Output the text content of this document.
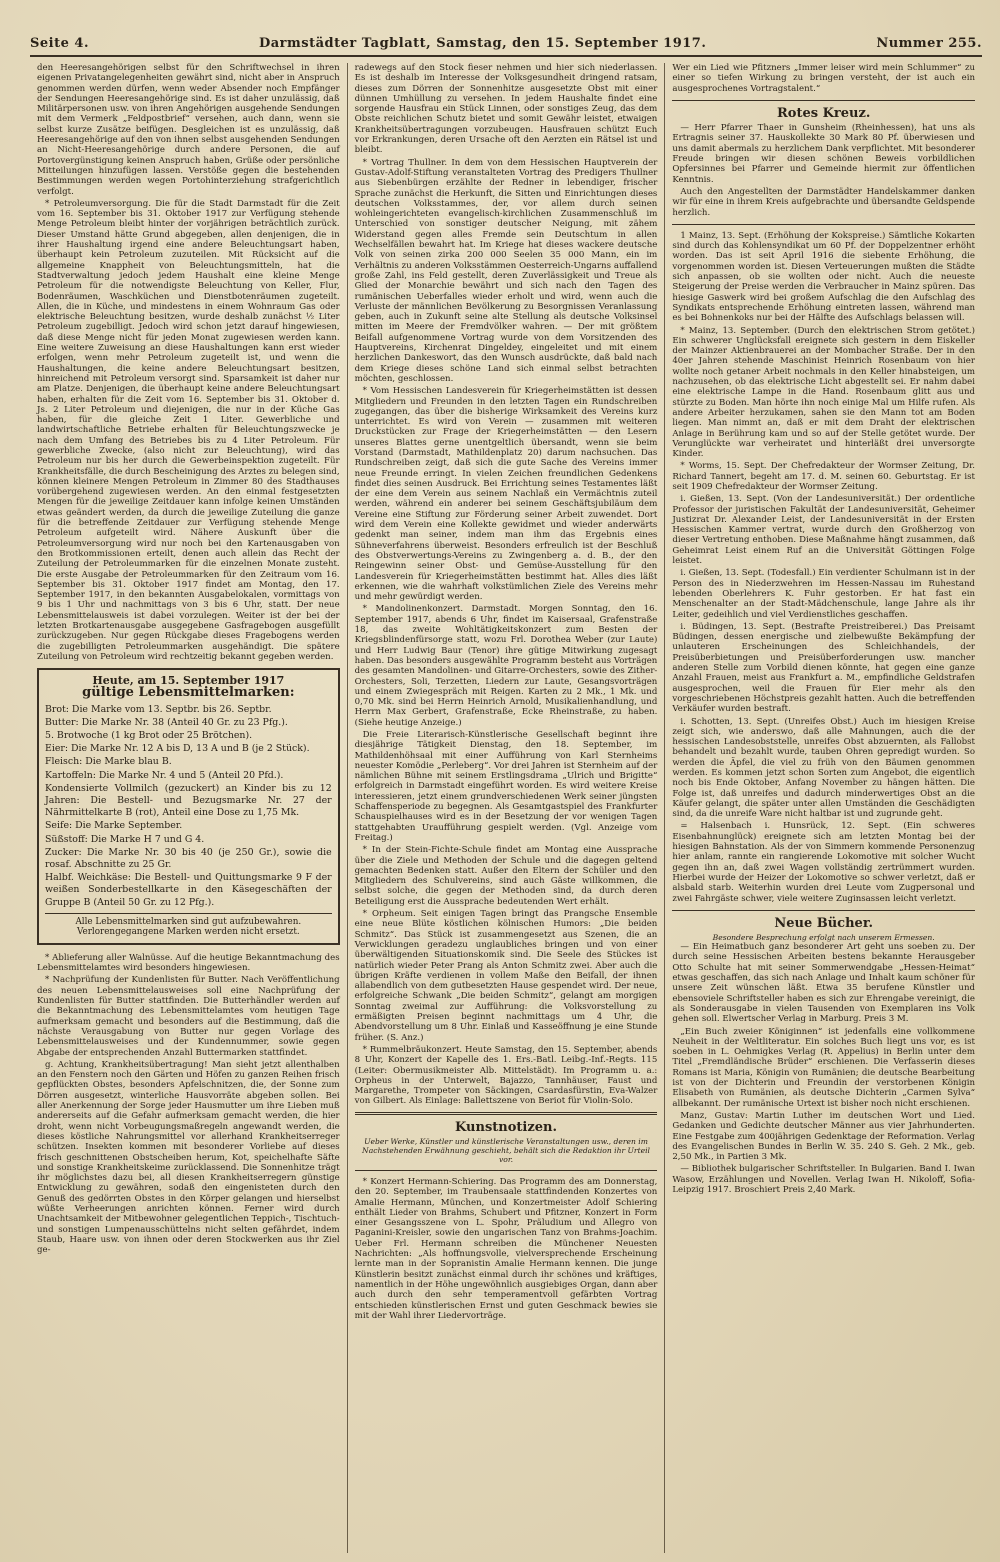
Seite 4.	Darmstädter Tagblatt, Samstag, den 15. September 1917.	Nummer 255.

den Heeresangehörigen selbst für den Schriftwechsel in ihren eigenen Privatangelegenheiten gewährt sind, nicht aber in Anspruch genommen werden dürfen, wenn weder Absender noch Empfänger der Sendungen Heeresangehörige sind. Es ist daher unzulässig, daß Militärpersonen usw. von ihren Angehörigen ausgehende Sendungen mit dem Vermerk „Feldpostbrief“ versehen, auch dann, wenn sie selbst kurze Zusätze beifügen. Desgleichen ist es unzulässig, daß Heeresangehörige auf den von ihnen selbst ausgehenden Sendungen an Nicht-Heeresangehörige durch andere Personen, die auf Portovergünstigung keinen Anspruch haben, Grüße oder persönliche Mitteilungen hinzufügen lassen. Verstöße gegen die bestehenden Bestimmungen werden wegen Portohinterziehung strafgerichtlich verfolgt.

* Petroleumversorgung. Die für die Stadt Darmstadt für die Zeit vom 16. September bis 31. Oktober 1917 zur Verfügung stehende Menge Petroleum bleibt hinter der vorjährigen beträchtlich zurück. Dieser Umstand hätte Grund abgegeben, allen denjenigen, die in ihrer Haushaltung irgend eine andere Beleuchtungsart haben, überhaupt kein Petroleum zuzuteilen. Mit Rücksicht auf die allgemeine Knappheit von Beleuchtungsmitteln, hat die Stadtverwaltung jedoch jedem Haushalt eine kleine Menge Petroleum für die notwendigste Beleuchtung von Keller, Flur, Bodenräumen, Waschküchen und Dienstbotenräumen zugeteilt. Allen, die in Küche, und mindestens in einem Wohnraum Gas oder elektrische Beleuchtung besitzen, wurde deshalb zunächst ½ Liter Petroleum zugebilligt. Jedoch wird schon jetzt darauf hingewiesen, daß diese Menge nicht für jeden Monat zugewiesen werden kann. Eine weitere Zuweisung an diese Haushaltungen kann erst wieder erfolgen, wenn mehr Petroleum zugeteilt ist, und wenn die Haushaltungen, die keine andere Beleuchtungsart besitzen, hinreichend mit Petroleum versorgt sind. Sparsamkeit ist daher nur am Platze. Denjenigen, die überhaupt keine andere Beleuchtungsart haben, erhalten für die Zeit vom 16. September bis 31. Oktober d. Js. 2 Liter Petroleum und diejenigen, die nur in der Küche Gas haben, für die gleiche Zeit 1 Liter. Gewerbliche und landwirtschaftliche Betriebe erhalten für Beleuchtungszwecke je nach dem Umfang des Betriebes bis zu 4 Liter Petroleum. Für gewerbliche Zwecke, (also nicht zur Beleuchtung), wird das Petroleum nur bis her durch die Gewerbeinspektion zugeteilt. Für Krankheitsfälle, die durch Bescheinigung des Arztes zu belegen sind, können kleinere Mengen Petroleum in Zimmer 80 des Stadthauses vorübergehend zugewiesen werden. An den einmal festgesetzten Mengen für die jeweilige Zeitdauer kann infolge keinen Umständen etwas geändert werden, da durch die jeweilige Zuteilung die ganze für die betreffende Zeitdauer zur Verfügung stehende Menge Petroleum aufgeteilt wird. Nähere Auskunft über die Petroleumversorgung wird nur noch bei den Kartenausgaben von den Brotkommissionen erteilt, denen auch allein das Recht der Zuteilung der Petroleummarken für die einzelnen Monate zusteht. Die erste Ausgabe der Petroleummarken für den Zeitraum vom 16. September bis 31. Oktober 1917 findet am Montag, den 17. September 1917, in den bekannten Ausgabelokalen, vormittags von 9 bis 1 Uhr und nachmittags von 3 bis 6 Uhr, statt. Der neue Lebensmittelausweis ist dabei vorzulegen. Weiter ist der bei der letzten Brotkartenausgabe ausgegebene Gasfragebogen ausgefüllt zurückzugeben. Nur gegen Rückgabe dieses Fragebogens werden die zugebilligten Petroleummarken ausgehändigt. Die spätere Zuteilung von Petroleum wird rechtzeitig bekannt gegeben werden.

Heute, am 15. September 1917
gültige Lebensmittelmarken:
Brot: Die Marke vom 13. Septbr. bis 26. Septbr.
Butter: Die Marke Nr. 38 (Anteil 40 Gr. zu 23 Pfg.).
5. Brotwoche (1 kg Brot oder 25 Brötchen).
Eier: Die Marke Nr. 12 A bis D, 13 A und B (je 2 Stück).
Fleisch: Die Marke blau B.
Kartoffeln: Die Marke Nr. 4 und 5 (Anteil 20 Pfd.).
Kondensierte Vollmilch (gezuckert) an Kinder bis zu 12 Jahren: Die Bestell- und Bezugsmarke Nr. 27 der Nährmittelkarte B (rot), Anteil eine Dose zu 1,75 Mk.
Seife: Die Marke September.
Süßstoff: Die Marke H 7 und G 4.
Zucker: Die Marke Nr. 30 bis 40 (je 250 Gr.), sowie die rosaf. Abschnitte zu 25 Gr.
Halbf. Weichkäse: Die Bestell- und Quittungsmarke 9 F der weißen Sonderbestellkarte in den Käsegeschäften der Gruppe B (Anteil 50 Gr. zu 12 Pfg.).
Alle Lebensmittelmarken sind gut aufzubewahren. Verlorengegangene Marken werden nicht ersetzt.

* Ablieferung aller Walnüsse. Auf die heutige Bekanntmachung des Lebensmittelamtes wird besonders hingewiesen.

* Nachprüfung der Kundenlisten für Butter. Nach Veröffentlichung des neuen Lebensmittelausweises soll eine Nachprüfung der Kundenlisten für Butter stattfinden. Die Butterhändler werden auf die Bekanntmachung des Lebensmittelamtes vom heutigen Tage aufmerksam gemacht und besonders auf die Bestimmung, daß die nächste Verausgabung von Butter nur gegen Vorlage des Lebensmittelausweises und der Kundennummer, sowie gegen Abgabe der entsprechenden Anzahl Buttermarken stattfindet.

g. Achtung, Krankheitsübertragung! Man sieht jetzt allenthalben an den Fenstern noch den Gärten und Höfen zu ganzen Reihen frisch gepflückten Obstes, besonders Apfelschnitzen, die, der Sonne zum Dörren ausgesetzt, winterliche Hausvorräte abgeben sollen. Bei aller Anerkennung der Sorge jeder Hausmutter um ihre Lieben muß andererseits auf die Gefahr aufmerksam gemacht werden, die hier droht, wenn nicht Vorbeugungsmaßregeln angewandt werden, die dieses köstliche Nahrungsmittel vor allerhand Krankheitserreger schützen. Insekten kommen mit besonderer Vorliebe auf dieses frisch geschnittenen Obstscheiben herum, Kot, speichelhafte Säfte und sonstige Krankheitskeime zurücklassend. Die Sonnenhitze trägt ihr möglichstes dazu bei, all diesen Krankheitserregern günstige Entwicklung zu gewähren, sodaß den eingenisteten durch den Genuß des gedörrten Obstes in den Körper gelangen und hierselbst wüßte Verheerungen anrichten können. Ferner wird durch Unachtsamkeit der Mitbewohner gelegentlichen Teppich-, Tischtuch- und sonstigen Lumpenausschüttelns nicht selten gefährdet, indem Staub, Haare usw. von ihnen oder deren Stockwerken aus ihr Ziel ge-

radewegs auf den Stock fieser nehmen und hier sich niederlassen. Es ist deshalb im Interesse der Volksgesundheit dringend ratsam, dieses zum Dörren der Sonnenhitze ausgesetzte Obst mit einer dünnen Umhüllung zu versehen. In jedem Haushalte findet eine sorgende Hausfrau ein Stück Linnen, oder sonstiges Zeug, das dem Obste reichlichen Schutz bietet und somit Gewähr leistet, etwaigen Krankheitsübertragungen vorzubeugen. Hausfrauen schützt Euch vor Erkrankungen, deren Ursache oft den Aerzten ein Rätsel ist und bleibt.

* Vortrag Thullner. In dem von dem Hessischen Hauptverein der Gustav-Adolf-Stiftung veranstalteten Vortrag des Predigers Thullner aus Siebenbürgen erzählte der Redner in lebendiger, frischer Sprache zunächst die Herkunft, die Sitten und Einrichtungen dieses deutschen Volksstammes, der, vor allem durch seinen wohleingerichteten evangelisch-kirchlichen Zusammenschluß im Unterschied von sonstiger deutscher Neigung, mit zähem Widerstand gegen alles Fremde sein Deutschtum in allen Wechselfällen bewahrt hat. Im Kriege hat dieses wackere deutsche Volk von seinen zirka 200 000 Seelen 35 000 Mann, ein im Verhältnis zu anderen Volksstämmen Oesterreich-Ungarns auffallend große Zahl, ins Feld gestellt, deren Zuverlässigkeit und Treue als Glied der Monarchie bewährt und sich nach den Tagen des rumänischen Ueberfalles wieder erholt und wird, wenn auch die Verluste der männlichen Bevölkerung zu Besorgnissen Veranlassung geben, auch in Zukunft seine alte Stellung als deutsche Volksinsel mitten im Meere der Fremdvölker wahren. — Der mit größtem Beifall aufgenommene Vortrag wurde von dem Vorsitzenden des Hauptvereins, Kirchenrat Dingeldey, eingeleitet und mit einem herzlichen Dankeswort, das den Wunsch ausdrückte, daß bald nach dem Kriege dieses schöne Land sich einmal selbst betrachten möchten, geschlossen.

* Vom Hessischen Landesverein für Kriegerheimstätten ist dessen Mitgliedern und Freunden in den letzten Tagen ein Rundschreiben zugegangen, das über die bisherige Wirksamkeit des Vereins kurz unterrichtet. Es wird von Verein — zusammen mit weiteren Druckstücken zur Frage der Kriegerheimstätten — den Lesern unseres Blattes gerne unentgeltlich übersandt, wenn sie beim Vorstand (Darmstadt, Mathildenplatz 20) darum nachsuchen. Das Rundschreiben zeigt, daß sich die gute Sache des Vereins immer neue Freunde erringt. In vielen Zeichen freundlichen Gedenkens findet dies seinen Ausdruck. Bei Errichtung seines Testamentes läßt der eine dem Verein aus seinem Nachlaß ein Vermächtnis zuteil werden, während ein anderer bei seinem Geschäftsjubiläum dem Vereine eine Stiftung zur Förderung seiner Arbeit zuwendet. Dort wird dem Verein eine Kollekte gewidmet und wieder anderwärts gedenkt man seiner, indem man ihm das Ergebnis eines Sühneverfahrens überweist. Besonders erfreulich ist der Beschluß des Obstverwertungs-Vereins zu Zwingenberg a. d. B., der den Reingewinn seiner Obst- und Gemüse-Ausstellung für den Landesverein für Kriegerheimstätten bestimmt hat. Alles dies läßt erkennen, wie die wahrhaft volkstümlichen Ziele des Vereins mehr und mehr gewürdigt werden.

* Mandolinenkonzert. Darmstadt. Morgen Sonntag, den 16. September 1917, abends 6 Uhr, findet im Kaisersaal, Grafenstraße 18, das zweite Wohltätigkeitskonzert zum Besten der Kriegsblindenfürsorge statt, wozu Frl. Dorothea Weber (zur Laute) und Herr Ludwig Baur (Tenor) ihre gütige Mitwirkung zugesagt haben. Das besonders ausgewählte Programm besteht aus Vorträgen des gesamten Mandolinen- und Gitarre-Orchesters, sowie des Zither-Orchesters, Soli, Terzetten, Liedern zur Laute, Gesangsvorträgen und einem Zwiegespräch mit Reigen. Karten zu 2 Mk., 1 Mk. und 0,70 Mk. sind bei Herrn Heinrich Arnold, Musikalienhandlung, und Herrn Max Gerbert, Grafenstraße, Ecke Rheinstraße, zu haben. (Siehe heutige Anzeige.)

Die Freie Literarisch-Künstlerische Gesellschaft beginnt ihre diesjährige Tätigkeit Dienstag, den 18. September, im Mathildenhöhsaal mit einer Aufführung von Karl Sternheims neuester Komödie „Perleberg“. Vor drei Jahren ist Sternheim auf der nämlichen Bühne mit seinem Erstlingsdrama „Ulrich und Brigitte“ erfolgreich in Darmstadt eingeführt worden. Es wird weitere Kreise interessieren, jetzt einem grundverschiedenen Werk seiner jüngsten Schaffensperiode zu begegnen. Als Gesamtgastspiel des Frankfurter Schauspielhauses wird es in der Besetzung der vor wenigen Tagen stattgehabten Uraufführung gespielt werden. (Vgl. Anzeige vom Freitag.)

* In der Stein-Fichte-Schule findet am Montag eine Aussprache über die Ziele und Methoden der Schule und die dagegen geltend gemachten Bedenken statt. Außer den Eltern der Schüler und den Mitgliedern des Schulvereins, sind auch Gäste willkommen, die selbst solche, die gegen der Methoden sind, da durch deren Beteiligung erst die Aussprache bedeutenden Wert erhält.

* Orpheum. Seit einigen Tagen bringt das Prangsche Ensemble eine neue Blüte köstlichen kölnischen Humors: „Die beiden Schmitz“. Das Stück ist zusammengesetzt aus Szenen, die an Verwicklungen geradezu unglaubliches bringen und von einer überwältigenden Situationskomik sind. Die Seele des Stückes ist natürlich wieder Peter Prang als Anton Schmitz zwei. Aber auch die übrigen Kräfte verdienen in vollem Maße den Beifall, der ihnen allabendlich von dem gutbesetzten Hause gespendet wird. Der neue, erfolgreiche Schwank „Die beiden Schmitz“, gelangt am morgigen Sonntag zweimal zur Aufführung: die Volksvorstellung zu ermäßigten Preisen beginnt nachmittags um 4 Uhr, die Abendvorstellung um 8 Uhr. Einlaß und Kasseöffnung je eine Stunde früher. (S. Anz.)

* Rummelbräukonzert. Heute Samstag, den 15. September, abends 8 Uhr, Konzert der Kapelle des 1. Ers.-Batl. Leibg.-Inf.-Regts. 115 (Leiter: Obermusikmeister Alb. Mittelstädt). Im Programm u. a.: Orpheus in der Unterwelt, Bajazzo, Tannhäuser, Faust und Margarethe, Trompeter von Säckingen, Csardasfürstin, Eva-Walzer von Gilbert. Als Einlage: Ballettszene von Beriot für Violin-Solo.

Kunstnotizen.
Ueber Werke, Künstler und künstlerische Veranstaltungen usw., deren im Nachstehenden Erwähnung geschieht, behält sich die Redaktion ihr Urteil vor.

* Konzert Hermann-Schiering. Das Programm des am Donnerstag, den 20. September, im Traubensaale stattfindenden Konzertes von Amalie Hermann, München, und Konzertmeister Adolf Schiering enthält Lieder von Brahms, Schubert und Pfitzner, Konzert in Form einer Gesangsszene von L. Spohr, Präludium und Allegro von Paganini-Kreisler, sowie den ungarischen Tanz von Brahms-Joachim. Ueber Frl. Hermann schreiben die Münchener Neuesten Nachrichten: „Als hoffnungsvolle, vielversprechende Erscheinung lernte man in der Sopranistin Amalie Hermann kennen. Die junge Künstlerin besitzt zunächst einmal durch ihr schönes und kräftiges, namentlich in der Höhe ungewöhnlich ausgiebiges Organ, dann aber auch durch den sehr temperamentvoll gefärbten Vortrag entschieden künstlerischen Ernst und guten Geschmack bewies sie mit der Wahl ihrer Liedervorträge.

Wer ein Lied wie Pfitzners „Immer leiser wird mein Schlummer“ zu einer so tiefen Wirkung zu bringen versteht, der ist auch ein ausgesprochenes Vortragstalent.“

Rotes Kreuz.

— Herr Pfarrer Thaer in Gunsheim (Rheinhessen), hat uns als Ertragnis seiner 37. Hauskollekte 30 Mark 80 Pf. überwiesen und uns damit abermals zu herzlichem Dank verpflichtet. Mit besonderer Freude bringen wir diesen schönen Beweis vorbildlichen Opfersinnes bei Pfarrer und Gemeinde hiermit zur öffentlichen Kenntnis.

Auch den Angestellten der Darmstädter Handelskammer danken wir für eine in ihrem Kreis aufgebrachte und übersandte Geldspende herzlich.

1 Mainz, 13. Sept. (Erhöhung der Kokspreise.) Sämtliche Kokarten sind durch das Kohlensyndikat um 60 Pf. der Doppelzentner erhöht worden. Das ist seit April 1916 die siebente Erhöhung, die vorgenommen worden ist. Diesen Verteuerungen mußten die Städte sich anpassen, ob sie wollten oder nicht. Auch die neueste Steigerung der Preise werden die Verbraucher in Mainz spüren. Das hiesige Gaswerk wird bei großem Aufschlag die den Aufschlag des Syndikats entsprechende Erhöhung eintreten lassen, während man es bei Bohnenkoks nur bei der Hälfte des Aufschlags belassen will.

* Mainz, 13. September. (Durch den elektrischen Strom getötet.) Ein schwerer Unglücksfall ereignete sich gestern in dem Eiskeller der Mainzer Aktienbrauerei an der Mombacher Straße. Der in den 40er Jahren stehende Maschinist Heinrich Rosenbaum von hier wollte noch getaner Arbeit nochmals in den Keller hinabsteigen, um nachzusehen, ob das elektrische Licht abgestellt sei. Er nahm dabei eine elektrische Lampe in die Hand. Rosenbaum glitt aus und stürzte zu Boden. Man hörte ihn noch einige Mal um Hilfe rufen. Als andere Arbeiter herzukamen, sahen sie den Mann tot am Boden liegen. Man nimmt an, daß er mit dem Draht der elektrischen Anlage in Berührung kam und so auf der Stelle getötet wurde. Der Verunglückte war verheiratet und hinterläßt drei unversorgte Kinder.

* Worms, 15. Sept. Der Chefredakteur der Wormser Zeitung, Dr. Richard Tannert, begeht am 17. d. M. seinen 60. Geburtstag. Er ist seit 1909 Chefredakteur der Wormser Zeitung.

i. Gießen, 13. Sept. (Von der Landesuniversität.) Der ordentliche Professor der juristischen Fakultät der Landesuniversität, Geheimer Justizrat Dr. Alexander Leist, der Landesuniversität in der Ersten Hessischen Kammer vertrat, wurde durch den Großherzog von dieser Vertretung enthoben. Diese Maßnahme hängt zusammen, daß Geheimrat Leist einem Ruf an die Universität Göttingen Folge leistet.

i. Gießen, 13. Sept. (Todesfall.) Ein verdienter Schulmann ist in der Person des in Niederzwehren im Hessen-Nassau im Ruhestand lebenden Oberlehrers K. Fuhr gestorben. Er hat fast ein Menschenalter an der Stadt-Mädchenschule, lange Jahre als ihr Leiter, gedeihlich und viel Verdienstliches geschaffen.

i. Büdingen, 13. Sept. (Bestrafte Preistreiberei.) Das Preisamt Büdingen, dessen energische und zielbewußte Bekämpfung der unlauteren Erscheinungen des Schleichhandels, der Preisüberbietungen und Preisüberforderungen usw. mancher anderen Stelle zum Vorbild dienen könnte, hat gegen eine ganze Anzahl Frauen, meist aus Frankfurt a. M., empfindliche Geldstrafen ausgesprochen, weil die Frauen für Eier mehr als den vorgeschriebenen Höchstpreis gezahlt hatten. Auch die betreffenden Verkäufer wurden bestraft.

i. Schotten, 13. Sept. (Unreifes Obst.) Auch im hiesigen Kreise zeigt sich, wie anderswo, daß alle Mahnungen, auch die der hessischen Landesobststelle, unreifes Obst abzuernten, als Fallobst behandelt und bezahlt wurde, tauben Ohren gepredigt wurden. So werden die Äpfel, die viel zu früh von den Bäumen genommen werden. Es kommen jetzt schon Sorten zum Angebot, die eigentlich noch bis Ende Oktober, Anfang November zu hängen hätten. Die Folge ist, daß unreifes und dadurch minderwertiges Obst an die Käufer gelangt, die später unter allen Umständen die Geschädigten sind, da die unreife Ware nicht haltbar ist und zugrunde geht.

= Halsenbach i. Hunsrück, 12. Sept. (Ein schweres Eisenbahnunglück) ereignete sich am letzten Montag bei der hiesigen Bahnstation. Als der von Simmern kommende Personenzug hier anlam, rannte ein rangierende Lokomotive mit solcher Wucht gegen ihn an, daß zwei Wagen vollständig zertrümmert wurden. Hierbei wurde der Heizer der Lokomotive so schwer verletzt, daß er alsbald starb. Weiterhin wurden drei Leute vom Zugpersonal und zwei Fahrgäste schwer, viele weitere Zuginsassen leicht verletzt.

Neue Bücher.
Besondere Besprechung erfolgt nach unserem Ermessen.

— Ein Heimatbuch ganz besonderer Art geht uns soeben zu. Der durch seine Hessischen Arbeiten bestens bekannte Herausgeber Otto Schulte hat mit seiner Sommerwendgabe „Hessen-Heimat“ etwas geschaffen, das sich nach Anlage und Inhalt kaum schöner für unsere Zeit wünschen läßt. Etwa 35 berufene Künstler und ebensoviele Schriftsteller haben es sich zur Ehrengabe vereinigt, die als Sonderausgabe in vielen Tausenden von Exemplaren ins Volk gehen soll. Elwertscher Verlag in Marburg. Preis 3 M.

„Ein Buch zweier Königinnen“ ist jedenfalls eine vollkommene Neuheit in der Weltliteratur. Ein solches Buch liegt uns vor, es ist soeben in L. Oehmigkes Verlag (R. Appelius) in Berlin unter dem Titel „Fremdländische Brüder“ erschienen. Die Verfasserin dieses Romans ist Maria, Königin von Rumänien; die deutsche Bearbeitung ist von der Dichterin und Freundin der verstorbenen Königin Elisabeth von Rumänien, als deutsche Dichterin „Carmen Sylva“ allbekannt. Der rumänische Urtext ist bisher noch nicht erschienen.

Manz, Gustav: Martin Luther im deutschen Wort und Lied. Gedanken und Gedichte deutscher Männer aus vier Jahrhunderten. Eine Festgabe zum 400jährigen Gedenktage der Reformation. Verlag des Evangelischen Bundes in Berlin W. 35. 240 S. Geh. 2 Mk., geb. 2,50 Mk., in Partien 3 Mk.

— Bibliothek bulgarischer Schriftsteller. In Bulgarien. Band I. Iwan Wasow, Erzählungen und Novellen. Verlag Iwan H. Nikoloff, Sofia-Leipzig 1917. Broschiert Preis 2,40 Mark.
